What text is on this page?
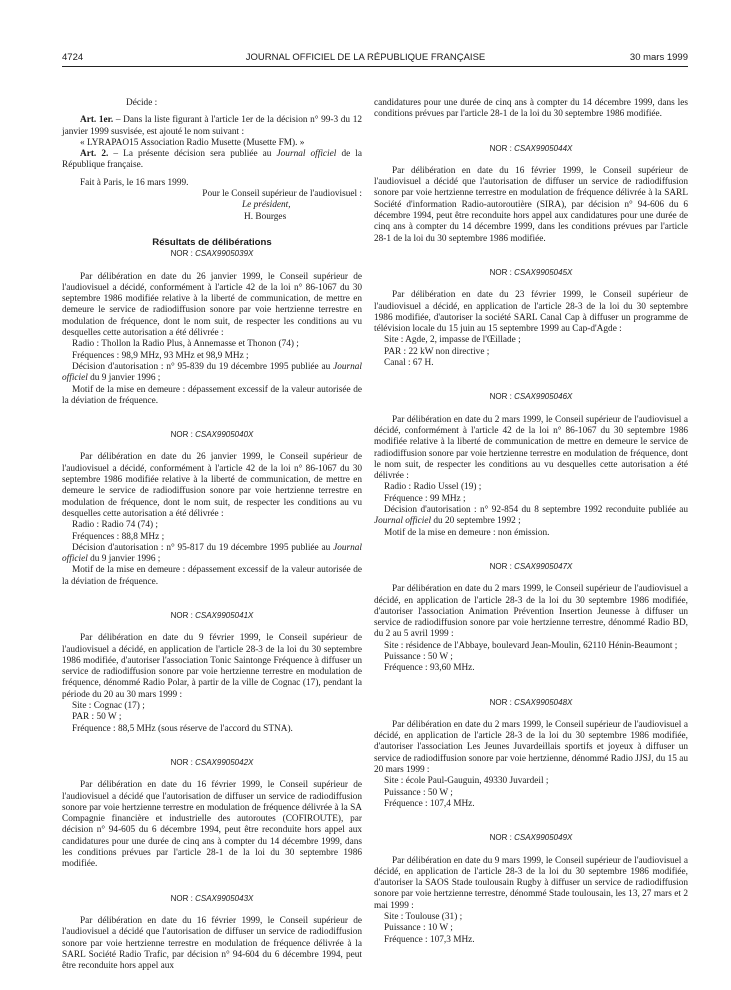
4724	JOURNAL OFFICIEL DE LA RÉPUBLIQUE FRANÇAISE	30 mars 1999

Décide :

Art. 1er. – Dans la liste figurant à l'article 1er de la décision n° 99-3 du 12 janvier 1999 susvisée, est ajouté le nom suivant :

« LYRAPAO15 Association Radio Musette (Musette FM). »

Art. 2. – La présente décision sera publiée au Journal officiel de la République française.

Fait à Paris, le 16 mars 1999.

Pour le Conseil supérieur de l'audiovisuel :

Le président,

H. Bourges

Résultats de délibérations
NOR : CSAX9905039X

Par délibération en date du 26 janvier 1999, le Conseil supérieur de l'audiovisuel a décidé, conformément à l'article 42 de la loi n° 86-1067 du 30 septembre 1986 modifiée relative à la liberté de communication, de mettre en demeure le service de radiodiffusion sonore par voie hertzienne terrestre en modulation de fréquence, dont le nom suit, de respecter les conditions au vu desquelles cette autorisation a été délivrée :

Radio : Thollon la Radio Plus, à Annemasse et Thonon (74) ;

Fréquences : 98,9 MHz, 93 MHz et 98,9 MHz ;

Décision d'autorisation : n° 95-839 du 19 décembre 1995 publiée au Journal officiel du 9 janvier 1996 ;

Motif de la mise en demeure : dépassement excessif de la valeur autorisée de la déviation de fréquence.

NOR : CSAX9905040X

Par délibération en date du 26 janvier 1999, le Conseil supérieur de l'audiovisuel a décidé, conformément à l'article 42 de la loi n° 86-1067 du 30 septembre 1986 modifiée relative à la liberté de communication, de mettre en demeure le service de radiodiffusion sonore par voie hertzienne terrestre en modulation de fréquence, dont le nom suit, de respecter les conditions au vu desquelles cette autorisation a été délivrée :

Radio : Radio 74 (74) ;

Fréquences : 88,8 MHz ;

Décision d'autorisation : n° 95-817 du 19 décembre 1995 publiée au Journal officiel du 9 janvier 1996 ;

Motif de la mise en demeure : dépassement excessif de la valeur autorisée de la déviation de fréquence.

NOR : CSAX9905041X

Par délibération en date du 9 février 1999, le Conseil supérieur de l'audiovisuel a décidé, en application de l'article 28-3 de la loi du 30 septembre 1986 modifiée, d'autoriser l'association Tonic Saintonge Fréquence à diffuser un service de radiodiffusion sonore par voie hertzienne terrestre en modulation de fréquence, dénommé Radio Polar, à partir de la ville de Cognac (17), pendant la période du 20 au 30 mars 1999 :

Site : Cognac (17) ;

PAR : 50 W ;

Fréquence : 88,5 MHz (sous réserve de l'accord du STNA).

NOR : CSAX9905042X

Par délibération en date du 16 février 1999, le Conseil supérieur de l'audiovisuel a décidé que l'autorisation de diffuser un service de radiodiffusion sonore par voie hertzienne terrestre en modulation de fréquence délivrée à la SA Compagnie financière et industrielle des autoroutes (COFIROUTE), par décision n° 94-605 du 6 décembre 1994, peut être reconduite hors appel aux candidatures pour une durée de cinq ans à compter du 14 décembre 1999, dans les conditions prévues par l'article 28-1 de la loi du 30 septembre 1986 modifiée.

NOR : CSAX9905043X

Par délibération en date du 16 février 1999, le Conseil supérieur de l'audiovisuel a décidé que l'autorisation de diffuser un service de radiodiffusion sonore par voie hertzienne terrestre en modulation de fréquence délivrée à la SARL Société Radio Trafic, par décision n° 94-604 du 6 décembre 1994, peut être reconduite hors appel aux

candidatures pour une durée de cinq ans à compter du 14 décembre 1999, dans les conditions prévues par l'article 28-1 de la loi du 30 septembre 1986 modifiée.

NOR : CSAX9905044X

Par délibération en date du 16 février 1999, le Conseil supérieur de l'audiovisuel a décidé que l'autorisation de diffuser un service de radiodiffusion sonore par voie hertzienne terrestre en modulation de fréquence délivrée à la SARL Société d'information Radio-autoroutière (SIRA), par décision n° 94-606 du 6 décembre 1994, peut être reconduite hors appel aux candidatures pour une durée de cinq ans à compter du 14 décembre 1999, dans les conditions prévues par l'article 28-1 de la loi du 30 septembre 1986 modifiée.

NOR : CSAX9905045X

Par délibération en date du 23 février 1999, le Conseil supérieur de l'audiovisuel a décidé, en application de l'article 28-3 de la loi du 30 septembre 1986 modifiée, d'autoriser la société SARL Canal Cap à diffuser un programme de télévision locale du 15 juin au 15 septembre 1999 au Cap-d'Agde :

Site : Agde, 2, impasse de l'Œillade ;

PAR : 22 kW non directive ;

Canal : 67 H.

NOR : CSAX9905046X

Par délibération en date du 2 mars 1999, le Conseil supérieur de l'audiovisuel a décidé, conformément à l'article 42 de la loi n° 86-1067 du 30 septembre 1986 modifiée relative à la liberté de communication de mettre en demeure le service de radiodiffusion sonore par voie hertzienne terrestre en modulation de fréquence, dont le nom suit, de respecter les conditions au vu desquelles cette autorisation a été délivrée :

Radio : Radio Ussel (19) ;

Fréquence : 99 MHz ;

Décision d'autorisation : n° 92-854 du 8 septembre 1992 reconduite publiée au Journal officiel du 20 septembre 1992 ;

Motif de la mise en demeure : non émission.

NOR : CSAX9905047X

Par délibération en date du 2 mars 1999, le Conseil supérieur de l'audiovisuel a décidé, en application de l'article 28-3 de la loi du 30 septembre 1986 modifiée, d'autoriser l'association Animation Prévention Insertion Jeunesse à diffuser un service de radiodiffusion sonore par voie hertzienne terrestre, dénommé Radio BD, du 2 au 5 avril 1999 :

Site : résidence de l'Abbaye, boulevard Jean-Moulin, 62110 Hénin-Beaumont ;

Puissance : 50 W ;

Fréquence : 93,60 MHz.

NOR : CSAX9905048X

Par délibération en date du 2 mars 1999, le Conseil supérieur de l'audiovisuel a décidé, en application de l'article 28-3 de la loi du 30 septembre 1986 modifiée, d'autoriser l'association Les Jeunes Juvardeillais sportifs et joyeux à diffuser un service de radiodiffusion sonore par voie hertzienne, dénommé Radio JJSJ, du 15 au 20 mars 1999 :

Site : école Paul-Gauguin, 49330 Juvardeil ;

Puissance : 50 W ;

Fréquence : 107,4 MHz.

NOR : CSAX9905049X

Par délibération en date du 9 mars 1999, le Conseil supérieur de l'audiovisuel a décidé, en application de l'article 28-3 de la loi du 30 septembre 1986 modifiée, d'autoriser la SAOS Stade toulousain Rugby à diffuser un service de radiodiffusion sonore par voie hertzienne terrestre, dénommé Stade toulousain, les 13, 27 mars et 2 mai 1999 :

Site : Toulouse (31) ;

Puissance : 10 W ;

Fréquence : 107,3 MHz.
